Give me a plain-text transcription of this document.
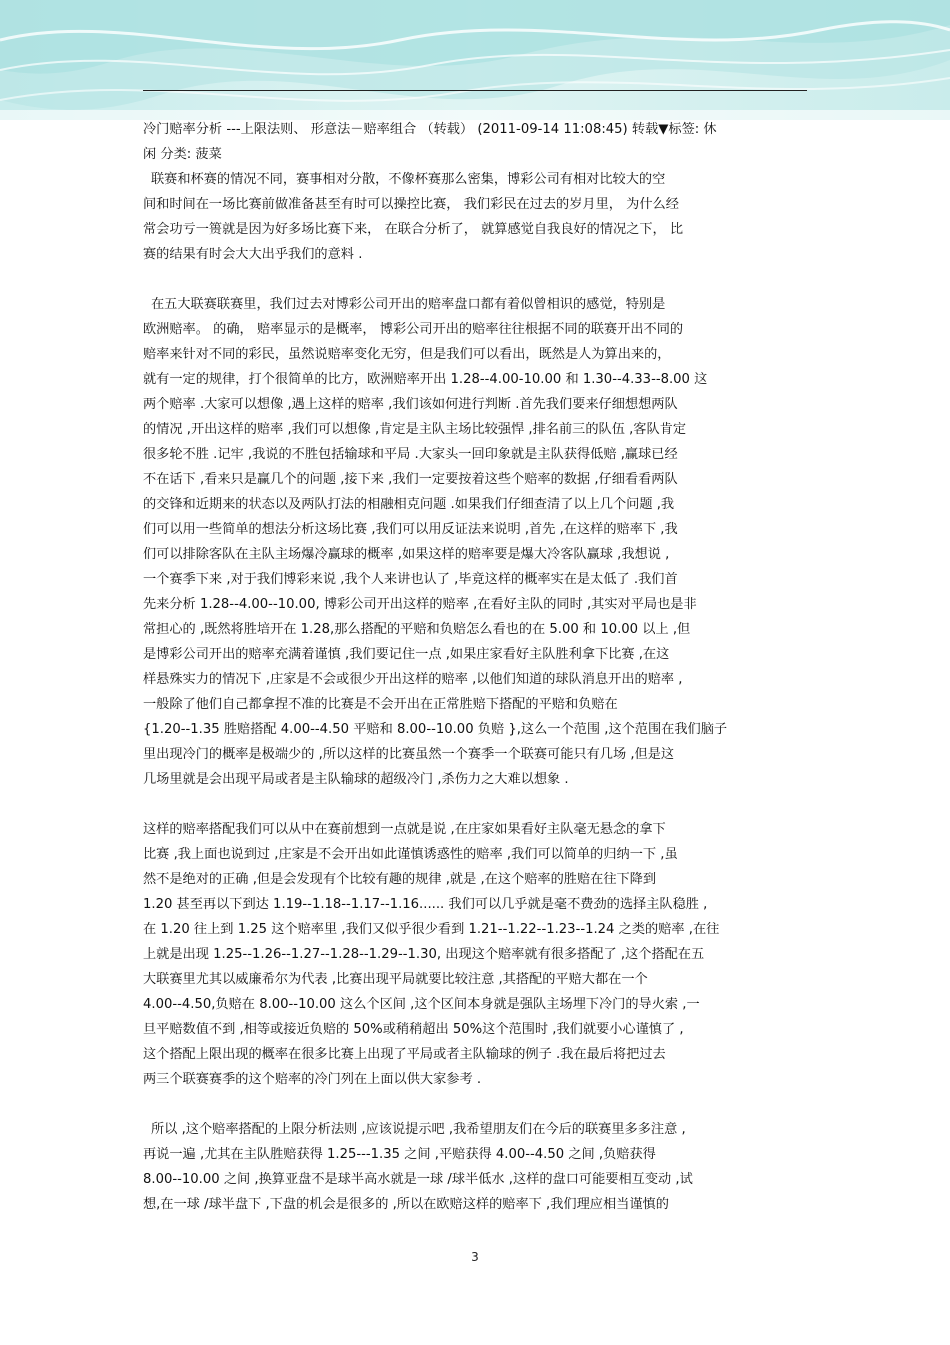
冷门赔率分析 ---上限法则、 形意法－赔率组合 （转载） (2011-09-14 11:08:45) 转载▼标签: 休
闲 分类: 菠菜
联赛和杯赛的情况不同，赛事相对分散，不像杯赛那么密集，博彩公司有相对比较大的空
间和时间在一场比赛前做准备甚至有时可以操控比赛， 我们彩民在过去的岁月里， 为什么经
常会功亏一篑就是因为好多场比赛下来， 在联合分析了， 就算感觉自我良好的情况之下， 比
赛的结果有时会大大出乎我们的意料 .
在五大联赛联赛里，我们过去对博彩公司开出的赔率盘口都有着似曾相识的感觉，特别是
欧洲赔率。 的确， 赔率显示的是概率， 博彩公司开出的赔率往往根据不同的联赛开出不同的
赔率来针对不同的彩民，虽然说赔率变化无穷，但是我们可以看出，既然是人为算出来的，
就有一定的规律，打个很简单的比方，欧洲赔率开出 1.28--4.00-10.00 和 1.30--4.33--8.00 这
两个赔率 .大家可以想像 ,遇上这样的赔率 ,我们该如何进行判断 .首先我们要来仔细想想两队
的情况 ,开出这样的赔率 ,我们可以想像 ,肯定是主队主场比较强悍 ,排名前三的队伍 ,客队肯定
很多轮不胜 .记牢 ,我说的不胜包括输球和平局 .大家头一回印象就是主队获得低赔 ,赢球已经
不在话下 ,看来只是赢几个的问题 ,接下来 ,我们一定要按着这些个赔率的数据 ,仔细看看两队
的交锋和近期来的状态以及两队打法的相融相克问题 .如果我们仔细查清了以上几个问题 ,我
们可以用一些简单的想法分析这场比赛 ,我们可以用反证法来说明 ,首先 ,在这样的赔率下 ,我
们可以排除客队在主队主场爆冷赢球的概率 ,如果这样的赔率要是爆大冷客队赢球 ,我想说 ,
一个赛季下来 ,对于我们博彩来说 ,我个人来讲也认了 ,毕竟这样的概率实在是太低了 .我们首
先来分析 1.28--4.00--10.00, 博彩公司开出这样的赔率 ,在看好主队的同时 ,其实对平局也是非
常担心的 ,既然将胜培开在 1.28,那么搭配的平赔和负赔怎么看也的在 5.00 和 10.00 以上 ,但
是博彩公司开出的赔率充满着谨慎 ,我们要记住一点 ,如果庄家看好主队胜利拿下比赛 ,在这
样悬殊实力的情况下 ,庄家是不会或很少开出这样的赔率 ,以他们知道的球队消息开出的赔率 ,
一般除了他们自己都拿捏不准的比赛是不会开出在正常胜赔下搭配的平赔和负赔在
{1.20--1.35 胜赔搭配 4.00--4.50 平赔和 8.00--10.00 负赔 },这么一个范围 ,这个范围在我们脑子
里出现冷门的概率是极端少的 ,所以这样的比赛虽然一个赛季一个联赛可能只有几场 ,但是这
几场里就是会出现平局或者是主队输球的超级冷门 ,杀伤力之大难以想象 .
这样的赔率搭配我们可以从中在赛前想到一点就是说 ,在庄家如果看好主队毫无悬念的拿下
比赛 ,我上面也说到过 ,庄家是不会开出如此谨慎诱惑性的赔率 ,我们可以简单的归纳一下 ,虽
然不是绝对的正确 ,但是会发现有个比较有趣的规律 ,就是 ,在这个赔率的胜赔在往下降到
1.20 甚至再以下到达 1.19--1.18--1.17--1.16...... 我们可以几乎就是毫不费劲的选择主队稳胜 ,
在 1.20 往上到 1.25 这个赔率里 ,我们又似乎很少看到 1.21--1.22--1.23--1.24 之类的赔率 ,在往
上就是出现 1.25--1.26--1.27--1.28--1.29--1.30, 出现这个赔率就有很多搭配了 ,这个搭配在五
大联赛里尤其以威廉希尔为代表 ,比赛出现平局就要比较注意 ,其搭配的平赔大都在一个
4.00--4.50,负赔在 8.00--10.00 这么个区间 ,这个区间本身就是强队主场埋下冷门的导火索 ,一
旦平赔数值不到 ,相等或接近负赔的 50%或稍稍超出 50%这个范围时 ,我们就要小心谨慎了 ,
这个搭配上限出现的概率在很多比赛上出现了平局或者主队输球的例子 .我在最后将把过去
两三个联赛赛季的这个赔率的冷门列在上面以供大家参考 .
所以 ,这个赔率搭配的上限分析法则 ,应该说提示吧 ,我希望朋友们在今后的联赛里多多注意 ,
再说一遍 ,尤其在主队胜赔获得 1.25---1.35 之间 ,平赔获得 4.00--4.50 之间 ,负赔获得
8.00--10.00 之间 ,换算亚盘不是球半高水就是一球 /球半低水 ,这样的盘口可能要相互变动 ,试
想,在一球 /球半盘下 ,下盘的机会是很多的 ,所以在欧赔这样的赔率下 ,我们理应相当谨慎的
3
